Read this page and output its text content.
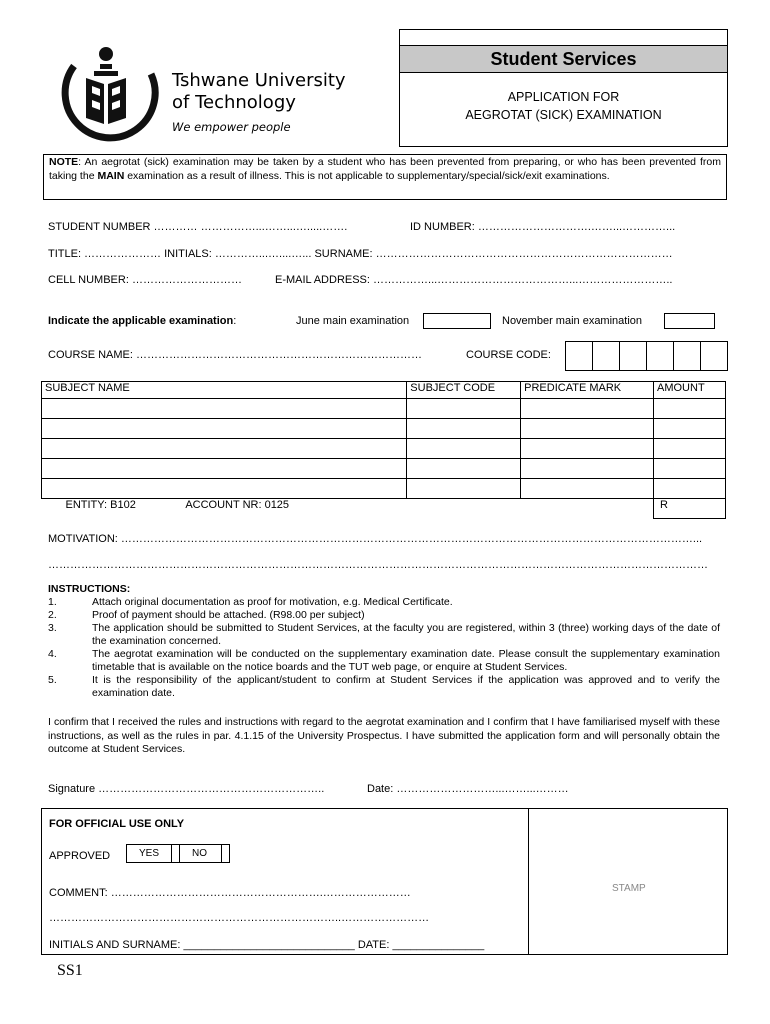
Tshwane University
of Technology
We empower people
Student Services
APPLICATION FOR
AEGROTAT (SICK) EXAMINATION
NOTE: An aegrotat (sick) examination may be taken by a student who has been prevented from preparing, or who has been prevented from taking the MAIN examination as a result of illness. This is not applicable to supplementary/special/sick/exit examinations.
STUDENT NUMBER ………… ……………...……...….....…….	ID NUMBER: ………………………….……...…………...
TITLE: ………………… INITIALS: …………...…....…... SURNAME: ………………………………………………………………………
CELL NUMBER: …………………………	E-MAIL ADDRESS: ……………...………………………………...……………………..
Indicate the applicable examination:	June main examination	November main examination
COURSE NAME: ……………………………………………………………………	COURSE CODE:
SUBJECT NAME	SUBJECT CODE	PREDICATE MARK	AMOUNT

ENTITY: B102 ACCOUNT NR: 0125			R
MOTIVATION: …………………………………………………………………………………………………………………………………………...
………………………………………………………………………………………………………………………………………………………………
INSTRUCTIONS:
1.	Attach original documentation as proof for motivation, e.g. Medical Certificate.
2.	Proof of payment should be attached. (R98.00 per subject)
3.	The application should be submitted to Student Services, at the faculty you are registered, within 3 (three) working days of the date of the examination concerned.
4.	The aegrotat examination will be conducted on the supplementary examination date. Please consult the supplementary examination timetable that is available on the notice boards and the TUT web page, or enquire at Student Services.
5.	It is the responsibility of the applicant/student to confirm at Student Services if the application was approved and to verify the examination date.
I confirm that I received the rules and instructions with regard to the aegrotat examination and I confirm that I have familiarised myself with these instructions, as well as the rules in par. 4.1.15 of the University Prospectus. I have submitted the application form and will personally obtain the outcome at Student Services.
Signature ……………………………………………………..	Date: ………………………...……...………
FOR OFFICIAL USE ONLY
APPROVED	YES	NO
COMMENT: ………………………………………………….……………………
……………………………………………………………………..……………………
INITIALS AND SURNAME: ____________________________ DATE: _______________
STAMP
SS1
